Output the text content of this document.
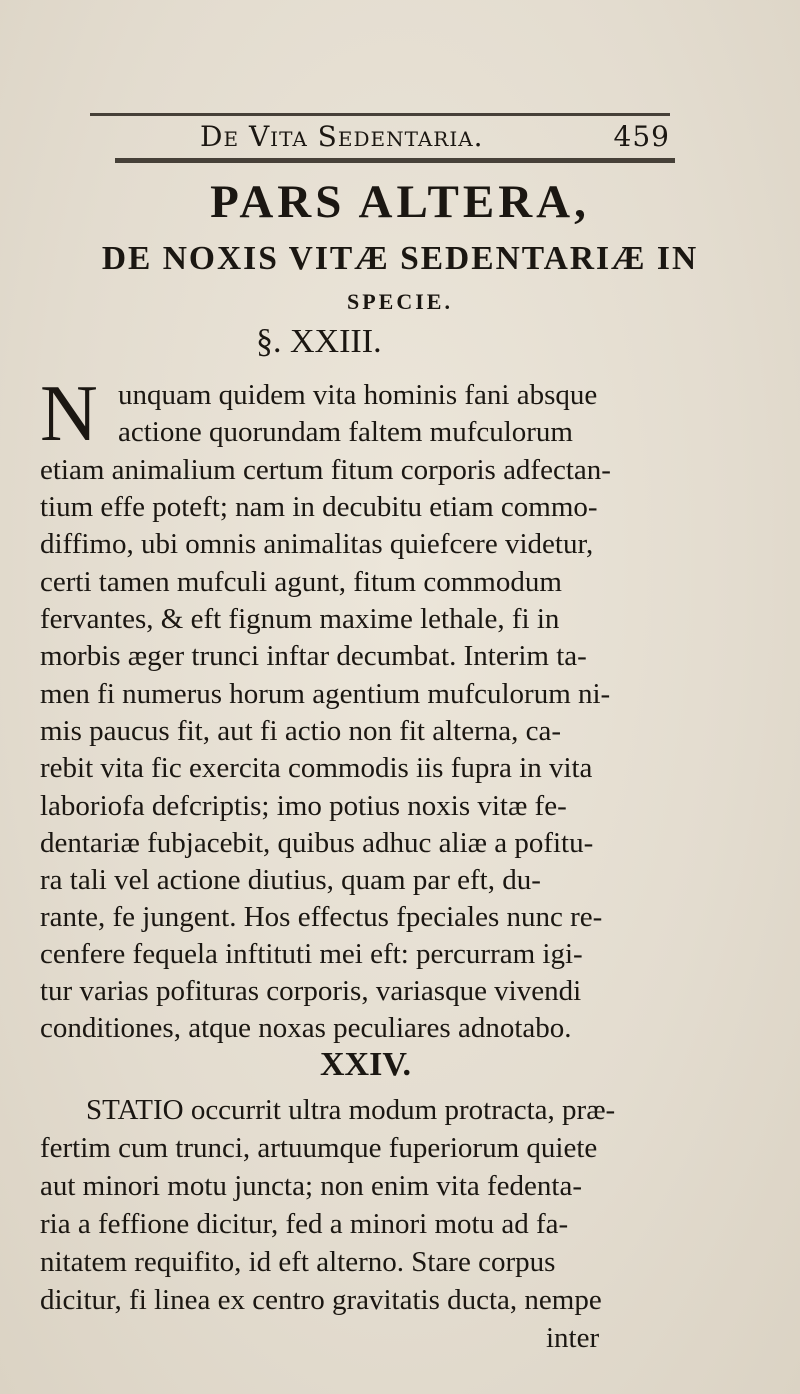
De Vita Sedentaria.	459
PARS ALTERA,
DE NOXIS VITÆ SEDENTARIÆ IN
SPECIE.
§. XXIII.
N unquam quidem vita hominis fani absque
actione quorundam faltem mufculorum
etiam animalium certum fitum corporis adfectan-
tium effe poteft; nam in decubitu etiam commo-
diffimo, ubi omnis animalitas quiefcere videtur,
certi tamen mufculi agunt, fitum commodum
fervantes, & eft fignum maxime lethale, fi in
morbis æger trunci inftar decumbat. Interim ta-
men fi numerus horum agentium mufculorum ni-
mis paucus fit, aut fi actio non fit alterna, ca-
rebit vita fic exercita commodis iis fupra in vita
laboriofa defcriptis; imo potius noxis vitæ fe-
dentariæ fubjacebit, quibus adhuc aliæ a pofitu-
ra tali vel actione diutius, quam par eft, du-
rante, fe jungent. Hos effectus fpeciales nunc re-
cenfere fequela inftituti mei eft: percurram igi-
tur varias pofituras corporis, variasque vivendi
conditiones, atque noxas peculiares adnotabo.
XXIV.
STATIO occurrit ultra modum protracta, præ-
fertim cum trunci, artuumque fuperiorum quiete
aut minori motu juncta; non enim vita fedenta-
ria a feffione dicitur, fed a minori motu ad fa-
nitatem requifito, id eft alterno. Stare corpus
dicitur, fi linea ex centro gravitatis ducta, nempe
inter
